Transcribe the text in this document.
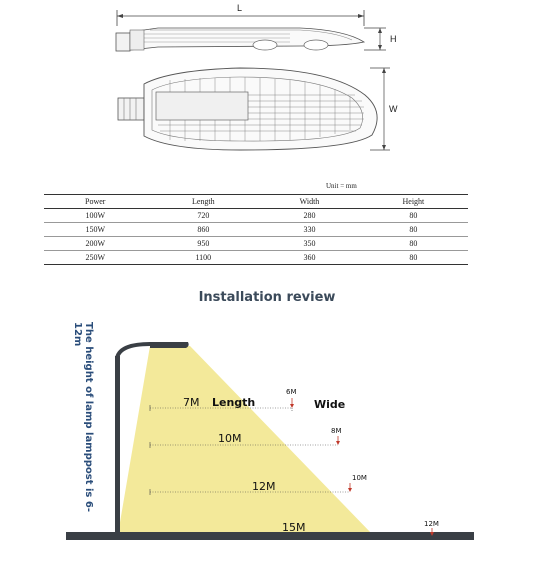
L
H
W
Unit = mm
Power	Length	Width	Height
100W	720	280	80
150W	860	330	80
200W	950	350	80
250W	1100	360	80
Installation review
The height of lamp lamppost is 6-12m
7M Length
6M
Wide
10M
8M
12M
10M
15M	12M
